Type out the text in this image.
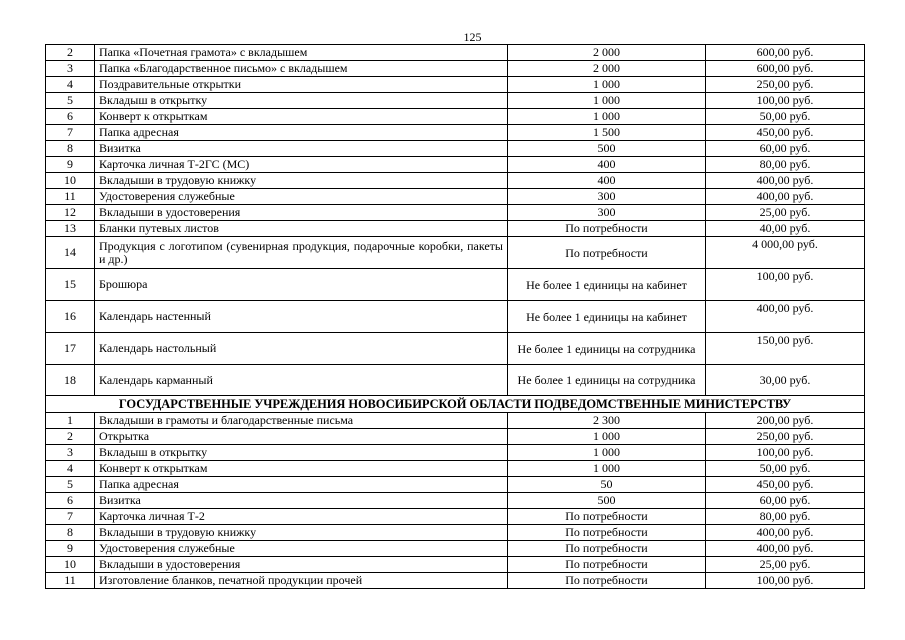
125
2	Папка «Почетная грамота» с вкладышем	2 000	600,00 руб.
3	Папка «Благодарственное письмо» с вкладышем	2 000	600,00 руб.
4	Поздравительные открытки	1 000	250,00 руб.
5	Вкладыш в открытку	1 000	100,00 руб.
6	Конверт к открыткам	1 000	50,00 руб.
7	Папка адресная	1 500	450,00 руб.
8	Визитка	500	60,00 руб.
9	Карточка личная Т-2ГС (МС)	400	80,00 руб.
10	Вкладыши в трудовую книжку	400	400,00 руб.
11	Удостоверения служебные	300	400,00 руб.
12	Вкладыши в удостоверения	300	25,00 руб.
13	Бланки путевых листов	По потребности	40,00 руб.
14	Продукция с логотипом (сувенирная продукция, подарочные коробки, пакеты и др.)	По потребности	4 000,00 руб.
15	Брошюра	Не более 1 единицы на кабинет	100,00 руб.
16	Календарь настенный	Не более 1 единицы на кабинет	400,00 руб.
17	Календарь настольный	Не более 1 единицы на сотрудника	150,00 руб.
18	Календарь карманный	Не более 1 единицы на сотрудника	30,00 руб.
ГОСУДАРСТВЕННЫЕ УЧРЕЖДЕНИЯ НОВОСИБИРСКОЙ ОБЛАСТИ ПОДВЕДОМСТВЕННЫЕ МИНИСТЕРСТВУ			
1	Вкладыши в грамоты и благодарственные письма	2 300	200,00 руб.
2	Открытка	1 000	250,00 руб.
3	Вкладыш в открытку	1 000	100,00 руб.
4	Конверт к открыткам	1 000	50,00 руб.
5	Папка адресная	50	450,00 руб.
6	Визитка	500	60,00 руб.
7	Карточка личная Т-2	По потребности	80,00 руб.
8	Вкладыши в трудовую книжку	По потребности	400,00 руб.
9	Удостоверения служебные	По потребности	400,00 руб.
10	Вкладыши в удостоверения	По потребности	25,00 руб.
11	Изготовление бланков, печатной продукции прочей	По потребности	100,00 руб.
